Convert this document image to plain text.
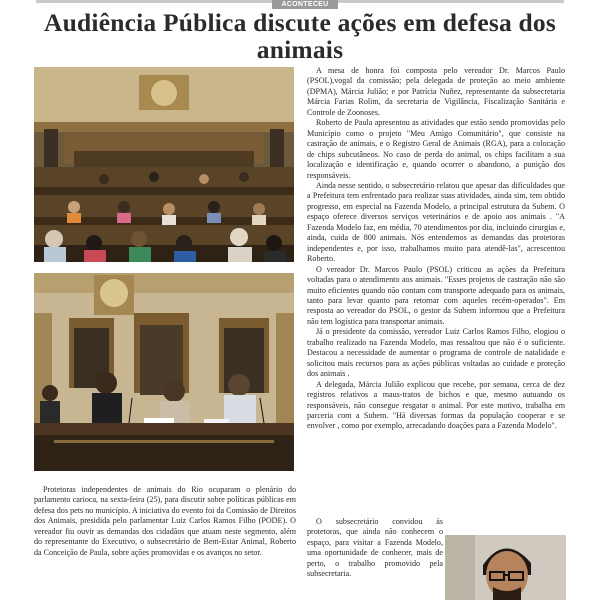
ACONTECEU
Audiência Pública discute ações em defesa dos animais

A mesa de honra foi composta pelo vereador Dr. Marcos Paulo (PSOL),vogal da comissão; pela delegada de proteção ao meio ambiente (DPMA), Márcia Julião; e por Patrícia Nuñez, representante da subsecretaria Márcia Farias Rolim, da secretaria de Vigilância, Fiscalização Sanitária e Controle de Zoonoses.

Roberto de Paula apresentou as atividades que estão sendo promovidas pelo Município como o projeto "Meu Amigo Comunitário", que consiste na castração de animais, e o Registro Geral de Animais (RGA), para a colocação de chips subcutâneos. No caso de perda do animal, os chips facilitam a sua localização e identificação e, quando ocorrer o abandono, a punição dos responsáveis.

Ainda nesse sentido, o subsecretário relatou que apesar das dificuldades que a Prefeitura tem enfrentado para realizar suas atividades, ainda sim, tem obtido progresso, em especial na Fazenda Modelo, a principal estrutura da Subem. O espaço oferece diversos serviços veterinários e de apoio aos animais . "A Fazenda Modelo faz, em média, 70 atendimentos por dia, incluindo cirurgias e, ainda, cuida de 800 animais. Nós entendemos as demandas das protetoras independentes e, por isso, trabalhamos muito para atendê-las", acrescentou Roberto.

O vereador Dr. Marcos Paulo (PSOL) criticou as ações da Prefeitura voltadas para o atendimento aos animais. "Esses projetos de castração não são muito eficientes quando não contam com transporte adequado para os animais, tanto para levar quanto para retornar com aqueles recém-operados". Em resposta ao vereador do PSOL, o gestor da Subem informou que a Prefeitura não tem logística para transportar animais.

Já o presidente da comissão, vereador Luiz Carlos Ramos Filho, elogiou o trabalho realizado na Fazenda Modelo, mas ressaltou que não é o suficiente. Destacou a necessidade de aumentar o programa de controle de natalidade e solicitou mais recursos para as ações públicas voltadas ao cuidade e proteção dos animais .

A delegada, Márcia Julião explicou que recebe, por semana, cerca de dez registros relativos a maus-tratos de bichos e que, mesmo autuando os responsáveis, não consegue resgatar o animal. Por este motivo, trabalha em parceria com a Subem. "Há diversas formas da população cooperar e se envolver , como por exemplo, arrecadando doações para a Fazenda Modelo".

O subsecretário convidou às protetoras, que ainda não conhecem o espaço, para visitar a Fazenda Modelo, uma oportunidade de conhecer, mais de perto, o trabalho promovido pela subsecretaria.

Protetoras independentes de animais do Rio ocuparam o plenário do parlamento carioca, na sexta-feira (25), para discutir sobre políticas públicas em defesa dos pets no município. A iniciativa do evento foi da Comissão de Direitos dos Animais, presidida pelo parlamentar Luiz Carlos Ramos Filho (PODE). O vereador fiu ouvir as demandas dos cidadãos que atuam neste segmento, além do representante do Executivo, o subsecretário de Bem-Estar Animal, Roberto da Conceição de Paula, sobre ações promovidas e os avanços no setor.
